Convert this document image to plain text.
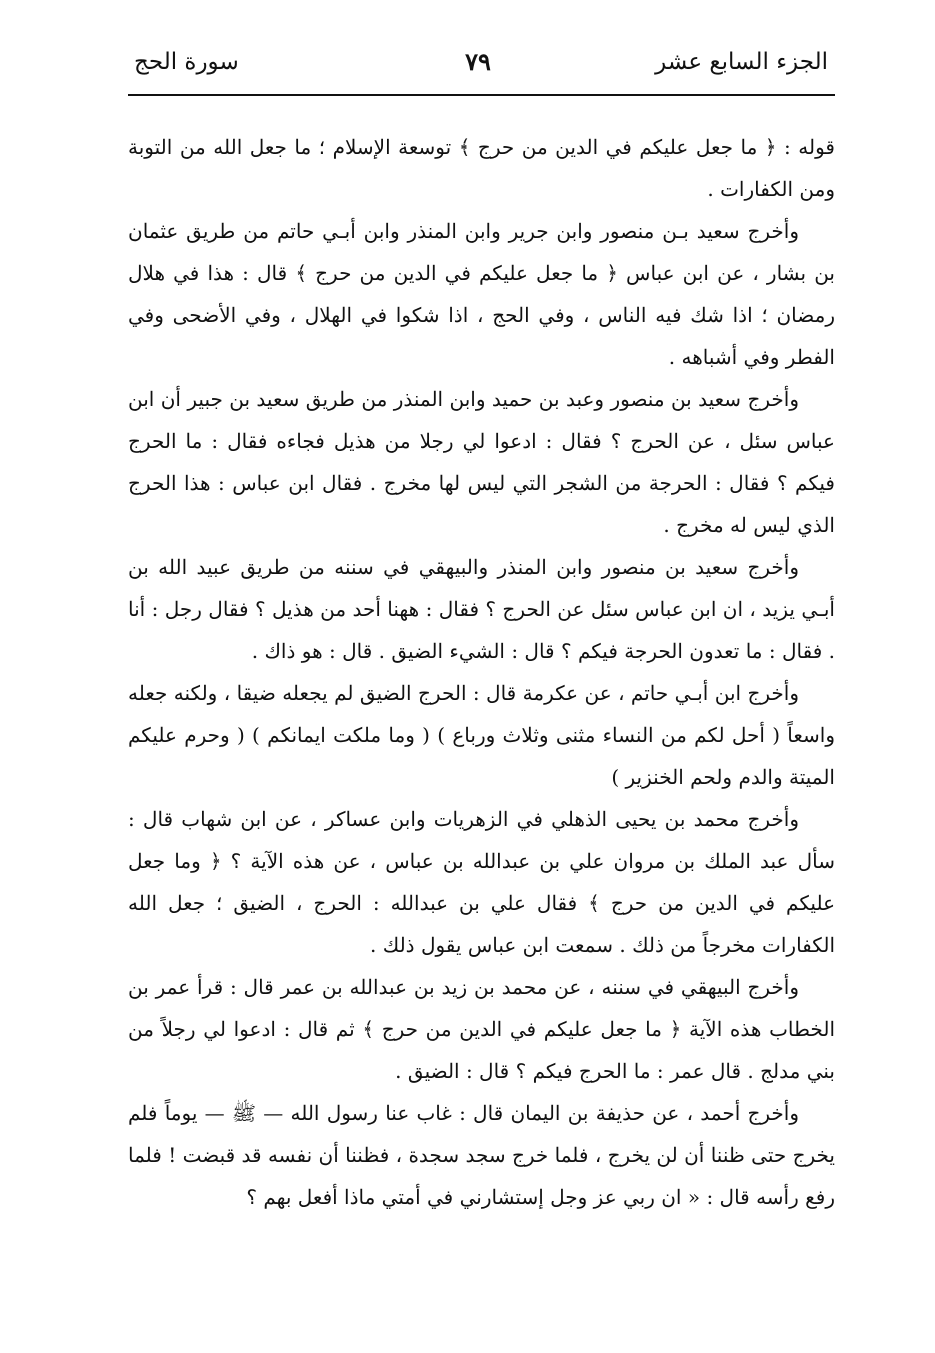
الجزء السابع عشر
٧٩
سورة الحج

قوله : ﴿ ما جعل عليكم في الدين من حرج ﴾ توسعة الإسلام ؛ ما جعل الله من التوبة ومن الكفارات .

وأخرج سعيد بـن منصور وابن جرير وابن المنذر وابن أبـي حاتم من طريق عثمان بن بشار ، عن ابن عباس ﴿ ما جعل عليكم في الدين من حرج ﴾ قال : هذا في هلال رمضان ؛ اذا شك فيه الناس ، وفي الحج ، اذا شكوا في الهلال ، وفي الأضحى وفي الفطر وفي أشباهه .

وأخرج سعيد بن منصور وعبد بن حميد وابن المنذر من طريق سعيد بن جبير أن ابن عباس سئل ، عن الحرج ؟ فقال : ادعوا لي رجلا من هذيل فجاءه فقال : ما الحرج فيكم ؟ فقال : الحرجة من الشجر التي ليس لها مخرج . فقال ابن عباس : هذا الحرج الذي ليس له مخرج .

وأخرج سعيد بن منصور وابن المنذر والبيهقي في سننه من طريق عبيد الله بن أبـي يزيد ، ان ابن عباس سئل عن الحرج ؟ فقال : ههنا أحد من هذيل ؟ فقال رجل : أنا . فقال : ما تعدون الحرجة فيكم ؟ قال : الشيء الضيق . قال : هو ذاك .

وأخرج ابن أبـي حاتم ، عن عكرمة قال : الحرج الضيق لم يجعله ضيقا ، ولكنه جعله واسعاً ( أحل لكم من النساء مثنى وثلاث ورباع ) ( وما ملكت ايمانكم ) ( وحرم عليكم الميتة والدم ولحم الخنزير )

وأخرج محمد بن يحيى الذهلي في الزهريات وابن عساكر ، عن ابن شهاب قال : سأل عبد الملك بن مروان علي بن عبدالله بن عباس ، عن هذه الآية ؟ ﴿ وما جعل عليكم في الدين من حرج ﴾ فقال علي بن عبدالله : الحرج ، الضيق ؛ جعل الله الكفارات مخرجاً من ذلك . سمعت ابن عباس يقول ذلك .

وأخرج البيهقي في سننه ، عن محمد بن زيد بن عبدالله بن عمر قال : قرأ عمر بن الخطاب هذه الآية ﴿ ما جعل عليكم في الدين من حرج ﴾ ثم قال : ادعوا لي رجلاً من بني مدلج . قال عمر : ما الحرج فيكم ؟ قال : الضيق .

وأخرج أحمد ، عن حذيفة بن اليمان قال : غاب عنا رسول الله — ﷺ — يوماً فلم يخرج حتى ظننا أن لن يخرج ، فلما خرج سجد سجدة ، فظننا أن نفسه قد قبضت ! فلما رفع رأسه قال : « ان ربي عز وجل إستشارني في أمتي ماذا أفعل بهم ؟
